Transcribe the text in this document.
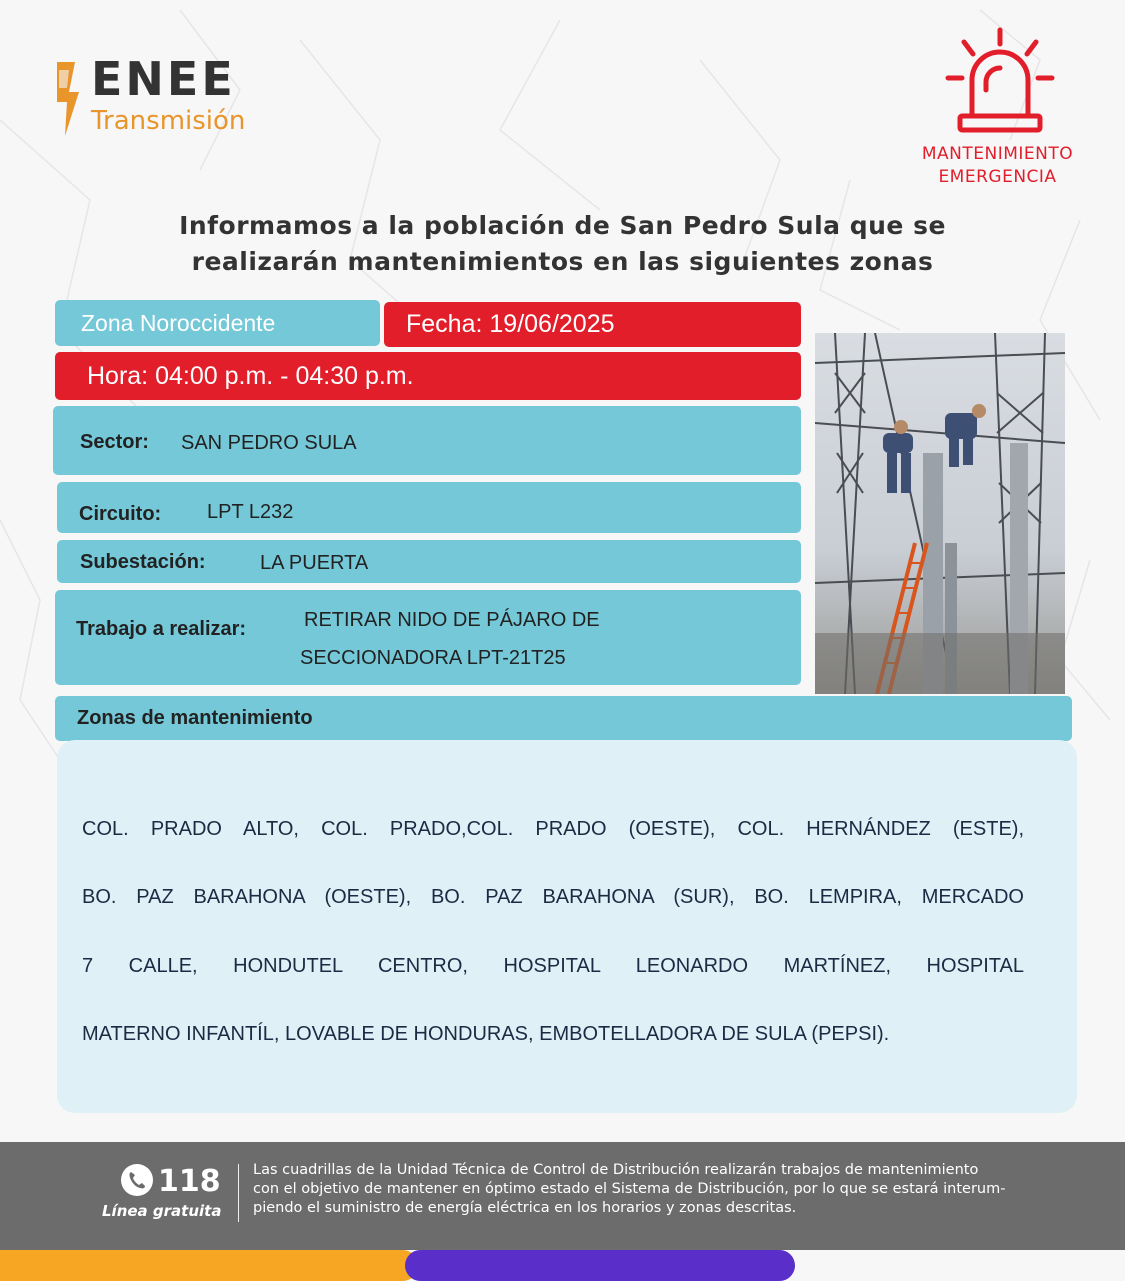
ENEE
Transmisión
MANTENIMIENTO
EMERGENCIA
Informamos a la población de San Pedro Sula que se
realizarán mantenimientos en las siguientes zonas
Zona Noroccidente	Fecha: 19/06/2025
Hora: 04:00 p.m. - 04:30 p.m.
Sector: SAN PEDRO SULA
Circuito: LPT L232
Subestación:	LA PUERTA
Trabajo a realizar:	RETIRAR NIDO DE PÁJARO DE
SECCIONADORA LPT-21T25
Zonas de mantenimiento
COL. PRADO ALTO, COL. PRADO,COL. PRADO (OESTE), COL. HERNÁNDEZ (ESTE),
BO. PAZ BARAHONA (OESTE), BO. PAZ BARAHONA (SUR), BO. LEMPIRA, MERCADO
7 CALLE, HONDUTEL CENTRO, HOSPITAL LEONARDO MARTÍNEZ, HOSPITAL
MATERNO INFANTÍL, LOVABLE DE HONDURAS, EMBOTELLADORA DE SULA (PEPSI).
118
Línea gratuita
Las cuadrillas de la Unidad Técnica de Control de Distribución realizarán trabajos de mantenimiento
con el objetivo de mantener en óptimo estado el Sistema de Distribución, por lo que se estará interum-
piendo el suministro de energía eléctrica en los horarios y zonas descritas.
